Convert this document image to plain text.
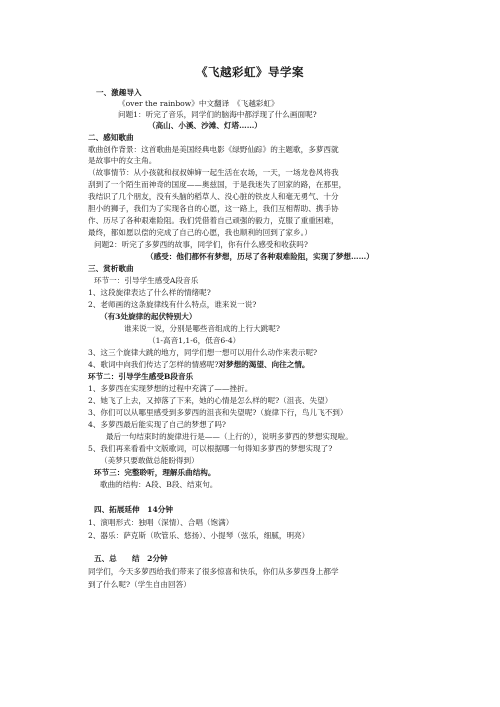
《飞越彩虹》导学案
一、激趣导入
《over the rainbow》中文翻译　《飞越彩虹》
问题1：听完了音乐，同学们的脑海中都浮现了什么画面呢?
（高山、小溪、沙滩、灯塔……）
二、感知歌曲
歌曲创作背景：这首歌曲是美国经典电影《绿野仙踪》的主题歌，多萝西就
是故事中的女主角。
（故事情节：从小孩就和叔叔婶婶一起生活在农场，一天，一场龙卷风将我
刮到了一个陌生而神奇的国度——奥兹国，于是我迷失了回家的路，在那里，
我结识了几个朋友，没有头脑的稻草人、没心脏的铁皮人和毫无勇气、十分
胆小的狮子，我们为了实现各自的心愿，这一路上，我们互相帮助、携手协
作、历尽了各种艰难险阻。我们凭借着自己顽强的毅力，克服了重重困难，
最终，都如愿以偿的完成了自己的心愿，我也顺利的回到了家乡。）
问题2：听完了多萝西的故事，同学们，你有什么感受和收获吗?
（感受：他们都怀有梦想，历尽了各种艰难险阻，实现了梦想……）
三、赏析歌曲
环节一：引导学生感受A段音乐
1、这段旋律表达了什么样的情绪呢?
2、老师画的这条旋律线有什么特点，谁来说一说?
（有3处旋律的起伏特别大）
谁来说一说，分别是哪些音组成的上行大跳呢?
（1-高音1,1-6，低音6-4）
3、这三个旋律大跳的地方，同学们想一想可以用什么动作来表示呢?
4、歌词中向我们传达了怎样的情感呢?对梦想的渴望、向往之情。
环节二：引导学生感受B段音乐
1、多萝西在实现梦想的过程中充满了——挫折。
2、她飞了上去，又掉落了下来，她的心情是怎么样的呢?（沮丧、失望）
3、你们可以从哪里感受到多萝西的沮丧和失望呢?（旋律下行，鸟儿飞不到）
4、多萝西最后能实现了自己的梦想了吗?
最后一句结束时的旋律进行是——（上行的），说明多萝西的梦想实现啦。
5、我们再来看看中文版歌词，可以根据哪一句得知多萝西的梦想实现了?
（美梦只要敢做总能盼得到）
环节三：完整聆听，理解乐曲结构。
歌曲的结构：A段、B段、结束句。
四、拓展延伸　14分钟
1、演唱形式：独唱（深情）、合唱（饱满）
2、器乐：萨克斯（吹管乐、悠扬）、小提琴（弦乐，细腻，明亮）
五、总　　结　2分钟
同学们，今天多萝西给我们带来了很多惊喜和快乐，你们从多萝西身上都学
到了什么呢?（学生自由回答）
